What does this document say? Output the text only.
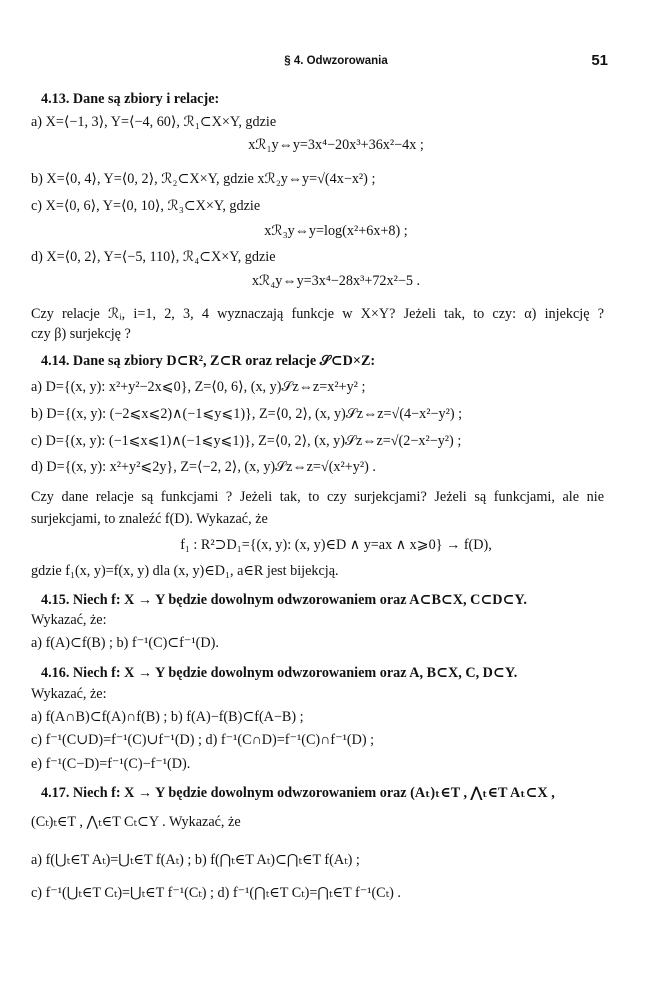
§ 4. Odwzorowania	51
4.13. Dane są zbiory i relacje:
a) X=⟨−1, 3⟩, Y=⟨−4, 60⟩, ℛ₁⊂X×Y, gdzie
xℛ₁y⇔y=3x⁴−20x³+36x²−4x ;
b) X=⟨0, 4⟩, Y=⟨0, 2⟩, ℛ₂⊂X×Y, gdzie xℛ₂y⇔y=√(4x−x²) ;
c) X=⟨0, 6⟩, Y=⟨0, 10⟩, ℛ₃⊂X×Y, gdzie
xℛ₃y⇔y=log(x²+6x+8) ;
d) X=⟨0, 2⟩, Y=⟨−5, 110⟩, ℛ₄⊂X×Y, gdzie
xℛ₄y⇔y=3x⁴−28x³+72x²−5 .
Czy relacje ℛᵢ, i=1, 2, 3, 4 wyznaczają funkcje w X×Y? Jeżeli tak, to czy: α) injekcję ?
czy β) surjekcję ?
4.14. Dane są zbiory D⊂R², Z⊂R oraz relacje 𝒮⊂D×Z:
a) D={(x, y): x²+y²−2x⩽0}, Z=⟨0, 6⟩, (x, y)𝒮z⇔z=x²+y² ;
b) D={(x, y): (−2⩽x⩽2)∧(−1⩽y⩽1)}, Z=⟨0, 2⟩, (x, y)𝒮z⇔z=√(4−x²−y²) ;
c) D={(x, y): (−1⩽x⩽1)∧(−1⩽y⩽1)}, Z=⟨0, 2⟩, (x, y)𝒮z⇔z=√(2−x²−y²) ;
d) D={(x, y): x²+y²⩽2y}, Z=⟨−2, 2⟩, (x, y)𝒮z⇔z=√(x²+y²) .
Czy dane relacje są funkcjami ? Jeżeli tak, to czy surjekcjami? Jeżeli są funkcjami, ale nie
surjekcjami, to znaleźć f(D). Wykazać, że
f₁ : R²⊃D₁={(x, y): (x, y)∈D ∧ y=ax ∧ x⩾0} → f(D),
gdzie f₁(x, y)=f(x, y) dla (x, y)∈D₁, a∈R jest bijekcją.
4.15. Niech f: X → Y będzie dowolnym odwzorowaniem oraz A⊂B⊂X, C⊂D⊂Y.
Wykazać, że:
a) f(A)⊂f(B) ; b) f⁻¹(C)⊂f⁻¹(D).
4.16. Niech f: X → Y będzie dowolnym odwzorowaniem oraz A, B⊂X, C, D⊂Y.
Wykazać, że:
a) f(A∩B)⊂f(A)∩f(B) ; b) f(A)−f(B)⊂f(A−B) ;
c) f⁻¹(C∪D)=f⁻¹(C)∪f⁻¹(D) ; d) f⁻¹(C∩D)=f⁻¹(C)∩f⁻¹(D) ;
e) f⁻¹(C−D)=f⁻¹(C)−f⁻¹(D).
4.17. Niech f: X → Y będzie dowolnym odwzorowaniem oraz (Aₜ)ₜ∈T , ⋀ₜ∈T Aₜ⊂X ,
(Cₜ)ₜ∈T , ⋀ₜ∈T Cₜ⊂Y . Wykazać, że
a) f(⋃ₜ∈T Aₜ)=⋃ₜ∈T f(Aₜ) ; b) f(⋂ₜ∈T Aₜ)⊂⋂ₜ∈T f(Aₜ) ;
c) f⁻¹(⋃ₜ∈T Cₜ)=⋃ₜ∈T f⁻¹(Cₜ) ; d) f⁻¹(⋂ₜ∈T Cₜ)=⋂ₜ∈T f⁻¹(Cₜ) .
